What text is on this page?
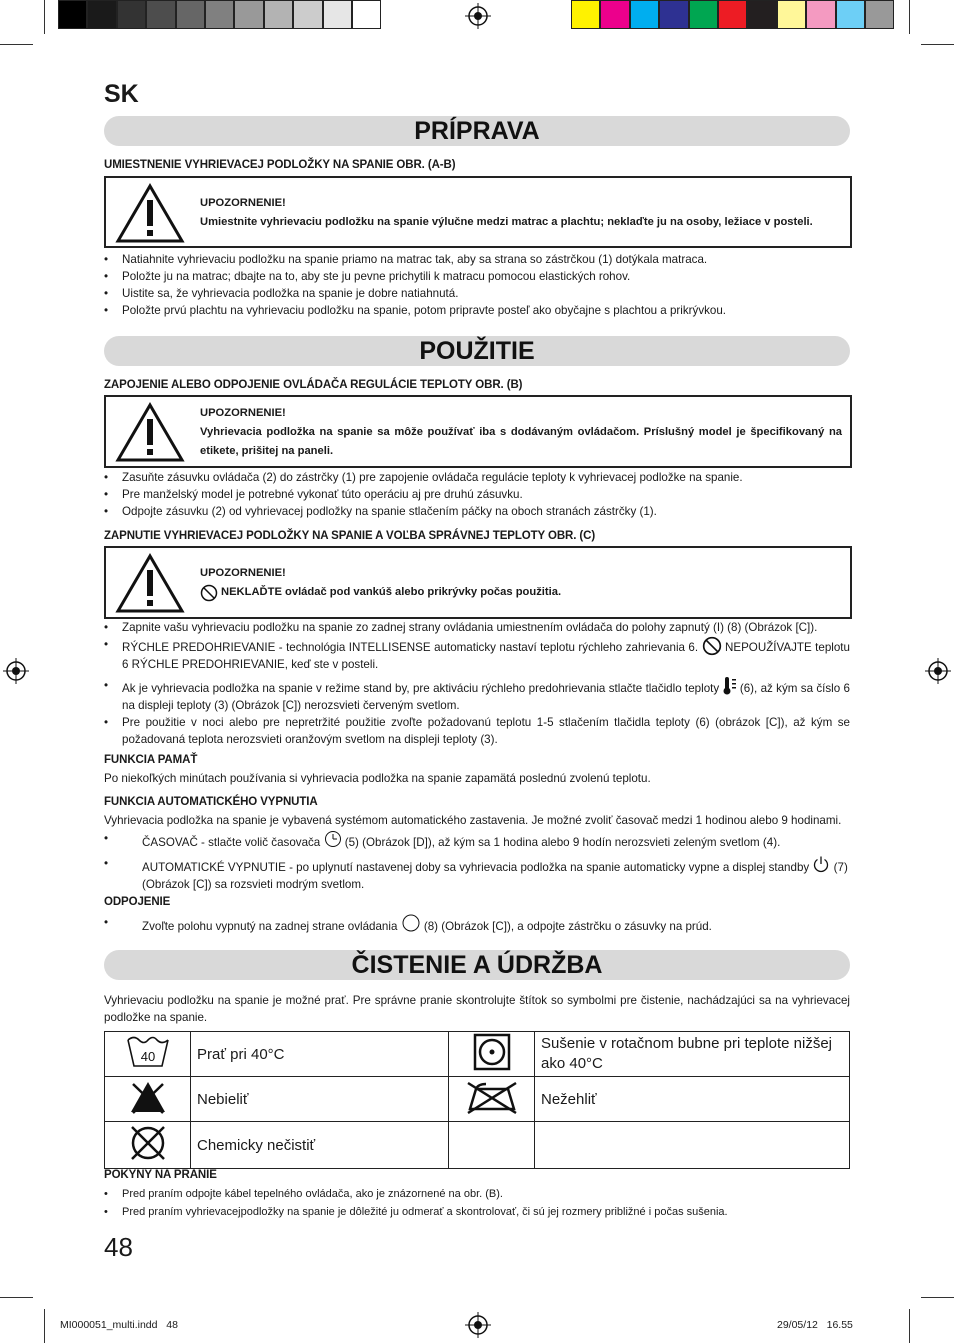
SK
PRÍPRAVA
UMIESTNENIE VYHRIEVACEJ PODLOŽKY NA SPANIE OBR. (A-B)
UPOZORNENIE!
Umiestnite vyhrievaciu podložku na spanie výlučne medzi matrac a plachtu; neklaďte ju na osoby, ležiace v posteli.
• Natiahnite vyhrievaciu podložku na spanie priamo na matrac tak, aby sa strana so zástrčkou (1) dotýkala matraca.
• Položte ju na matrac; dbajte na to, aby ste ju pevne prichytili k matracu pomocou elastických rohov.
• Uistite sa, že vyhrievacia podložka na spanie je dobre natiahnutá.
• Položte prvú plachtu na vyhrievaciu podložku na spanie, potom pripravte posteľ ako obyčajne s plachtou a prikrývkou.
POUŽITIE
ZAPOJENIE ALEBO ODPOJENIE OVLÁDAČA REGULÁCIE TEPLOTY OBR. (B)
UPOZORNENIE!
Vyhrievacia podložka na spanie sa môže používať iba s dodávaným ovládačom. Príslušný model je špecifikovaný na etikete, prišitej na paneli.
• Zasuňte zásuvku ovládača (2) do zástrčky (1) pre zapojenie ovládača regulácie teploty k vyhrievacej podložke na spanie.
• Pre manželský model je potrebné vykonať túto operáciu aj pre druhú zásuvku.
• Odpojte zásuvku (2) od vyhrievacej podložky na spanie stlačením páčky na oboch stranách zástrčky (1).
ZAPNUTIE VYHRIEVACEJ PODLOŽKY NA SPANIE A VOĽBA SPRÁVNEJ TEPLOTY OBR. (C)
UPOZORNENIE!
NEKLAĎTE ovládač pod vankúš alebo prikrývky počas použitia.
• Zapnite vašu vyhrievaciu podložku na spanie zo zadnej strany ovládania umiestnením ovládača do polohy zapnutý (I) (8) (Obrázok [C]).
• RÝCHLE PREDOHRIEVANIE - technológia INTELLISENSE automaticky nastaví teplotu rýchleho zahrievania 6. NEPOUŽÍVAJTE teplotu 6 RÝCHLE PREDOHRIEVANIE, keď ste v posteli.
• Ak je vyhrievacia podložka na spanie v režime stand by, pre aktiváciu rýchleho predohrievania stlačte tlačidlo teploty (6), až kým sa číslo 6 na displeji teploty (3) (Obrázok [C]) nerozsvieti červeným svetlom.
• Pre použitie v noci alebo pre nepretržité použitie zvoľte požadovanú teplotu 1-5 stlačením tlačidla teploty (6) (obrázok [C]), až kým se požadovaná teplota nerozsvieti oranžovým svetlom na displeji teploty (3).
FUNKCIA PAMAŤ
Po niekoľkých minútach používania si vyhrievacia podložka na spanie zapamätá poslednú zvolenú teplotu.
FUNKCIA AUTOMATICKÉHO VYPNUTIA
Vyhrievacia podložka na spanie je vybavená systémom automatického zastavenia. Je možné zvoliť časovač medzi 1 hodinou alebo 9 hodinami.
• ČASOVAČ - stlačte volič časovača (5) (Obrázok [D]), až kým sa 1 hodina alebo 9 hodín nerozsvieti zeleným svetlom (4).
• AUTOMATICKÉ VYPNUTIE - po uplynutí nastavenej doby sa vyhrievacia podložka na spanie automaticky vypne a displej standby (7) (Obrázok [C]) sa rozsvieti modrým svetlom.
ODPOJENIE
• Zvoľte polohu vypnutý na zadnej strane ovládania (8) (Obrázok [C]), a odpojte zástrčku o zásuvky na prúd.
ČISTENIE A ÚDRŽBA
Vyhrievaciu podložku na spanie je možné prať. Pre správne pranie skontrolujte štítok so symbolmi pre čistenie, nachádzajúci sa na vyhrievacej podložke na spanie.
40	Prať pri 40°C		Sušenie v rotačnom bubne pri teplote nižšej ako 40°C
	Nebieliť		Nežehliť
	Chemicky nečistiť		
POKYNY NA PRANIE
• Pred praním odpojte kábel tepelného ovládača, ako je znázornené na obr. (B).
• Pred praním vyhrievacejpodložky na spanie je dôležité ju odmerať a skontrolovať, či sú jej rozmery približné i počas sušenia.
48
MI000051_multi.indd   48	29/05/12   16.55
